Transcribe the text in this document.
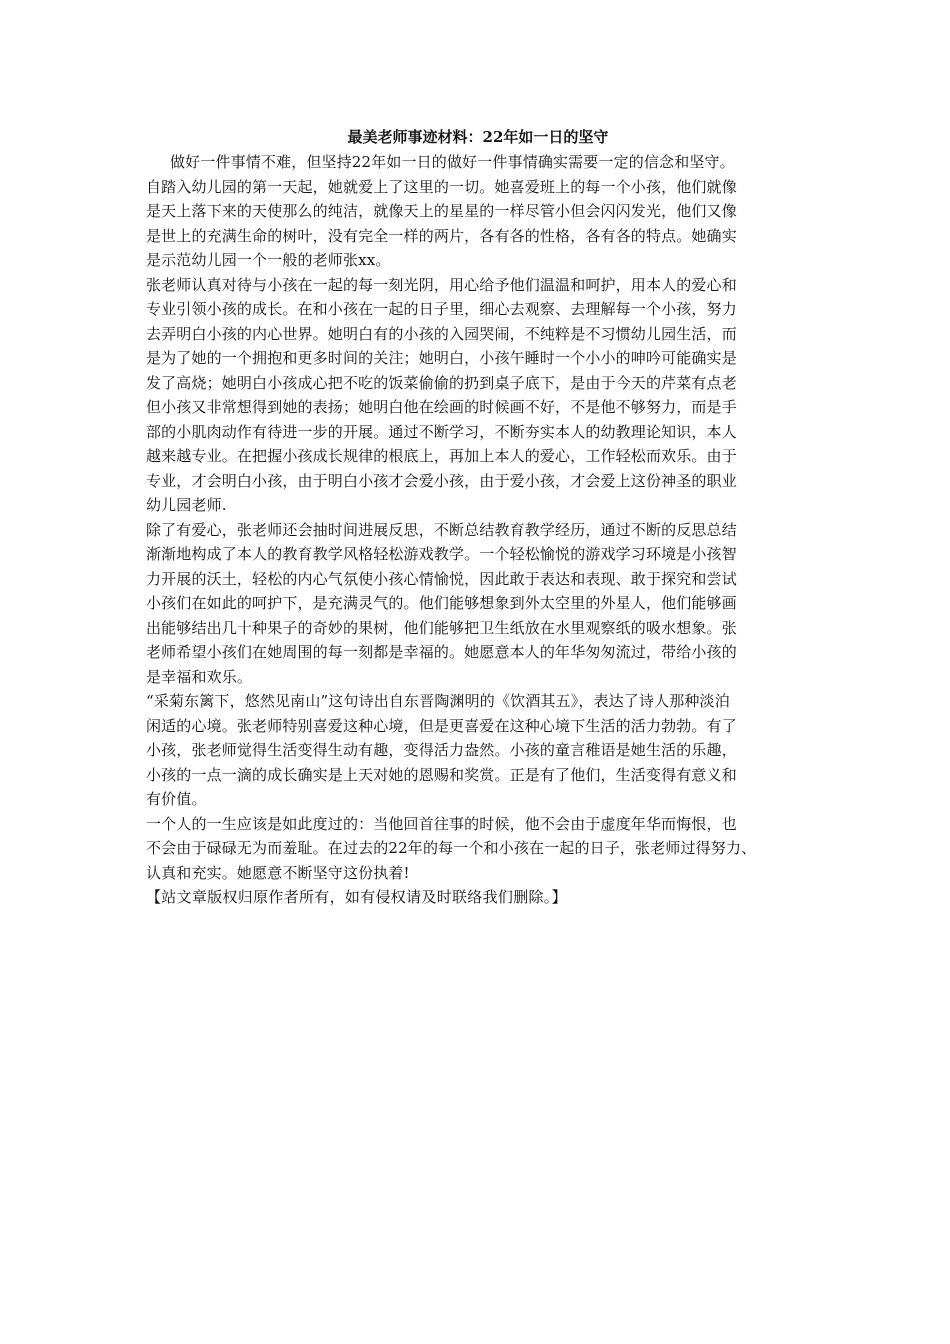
最美老师事迹材料：22年如一日的坚守
做好一件事情不难，但坚持22年如一日的做好一件事情确实需要一定的信念和坚守。
自踏入幼儿园的第一天起，她就爱上了这里的一切。她喜爱班上的每一个小孩，他们就像
是天上落下来的天使那么的纯洁，就像天上的星星的一样尽管小但会闪闪发光，他们又像
是世上的充满生命的树叶，没有完全一样的两片，各有各的性格，各有各的特点。她确实
是示范幼儿园一个一般的老师张xx。
张老师认真对待与小孩在一起的每一刻光阴，用心给予他们温温和呵护，用本人的爱心和
专业引领小孩的成长。在和小孩在一起的日子里，细心去观察、去理解每一个小孩，努力
去弄明白小孩的内心世界。她明白有的小孩的入园哭闹，不纯粹是不习惯幼儿园生活，而
是为了她的一个拥抱和更多时间的关注；她明白，小孩午睡时一个小小的呻吟可能确实是
发了高烧；她明白小孩成心把不吃的饭菜偷偷的扔到桌子底下，是由于今天的芹菜有点老
但小孩又非常想得到她的表扬；她明白他在绘画的时候画不好，不是他不够努力，而是手
部的小肌肉动作有待进一步的开展。通过不断学习，不断夯实本人的幼教理论知识，本人
越来越专业。在把握小孩成长规律的根底上，再加上本人的爱心，工作轻松而欢乐。由于
专业，才会明白小孩，由于明白小孩才会爱小孩，由于爱小孩，才会爱上这份神圣的职业
幼儿园老师.
除了有爱心，张老师还会抽时间进展反思，不断总结教育教学经历，通过不断的反思总结
渐渐地构成了本人的教育教学风格轻松游戏教学。一个轻松愉悦的游戏学习环境是小孩智
力开展的沃土，轻松的内心气氛使小孩心情愉悦，因此敢于表达和表现、敢于探究和尝试
小孩们在如此的呵护下，是充满灵气的。他们能够想象到外太空里的外星人，他们能够画
出能够结出几十种果子的奇妙的果树，他们能够把卫生纸放在水里观察纸的吸水想象。张
老师希望小孩们在她周围的每一刻都是幸福的。她愿意本人的年华匆匆流过，带给小孩的
是幸福和欢乐。
“采菊东篱下，悠然见南山”这句诗出自东晋陶渊明的《饮酒其五》，表达了诗人那种淡泊
闲适的心境。张老师特别喜爱这种心境，但是更喜爱在这种心境下生活的活力勃勃。有了
小孩，张老师觉得生活变得生动有趣，变得活力盎然。小孩的童言稚语是她生活的乐趣，
小孩的一点一滴的成长确实是上天对她的恩赐和奖赏。正是有了他们，生活变得有意义和
有价值。
一个人的一生应该是如此度过的：当他回首往事的时候，他不会由于虚度年华而悔恨，也
不会由于碌碌无为而羞耻。在过去的22年的每一个和小孩在一起的日子，张老师过得努力、
认真和充实。她愿意不断坚守这份执着!
【站文章版权归原作者所有，如有侵权请及时联络我们删除。】
